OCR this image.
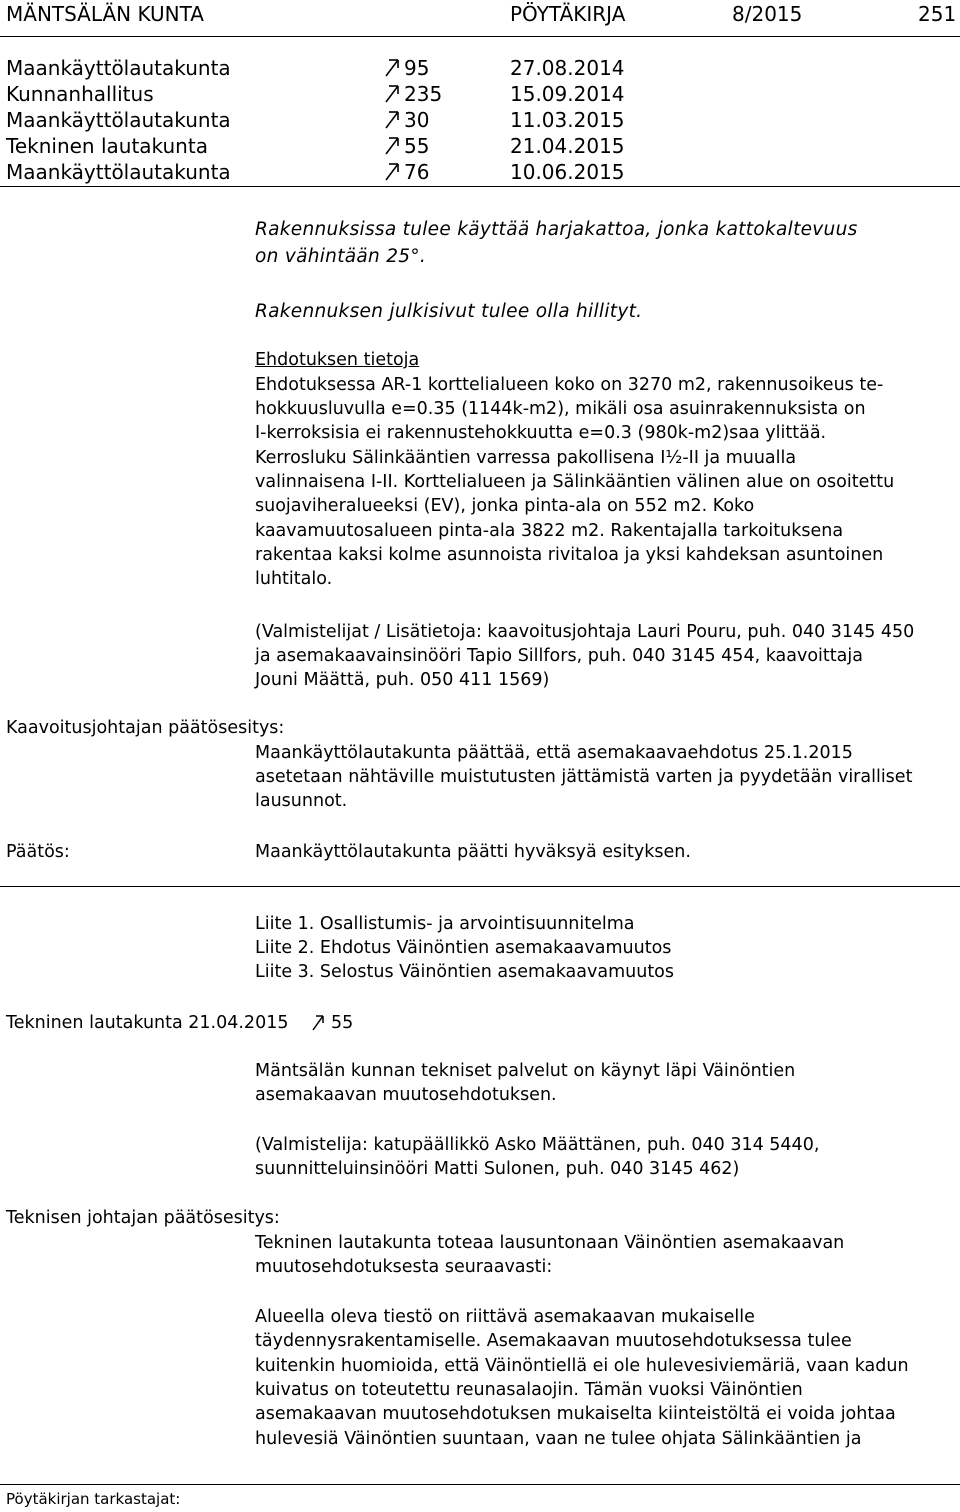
MÄNTSÄLÄN KUNTA	PÖYTÄKIRJA	8/2015	251
Maankäyttölautakunta	95	27.08.2014
Kunnanhallitus	235	15.09.2014
Maankäyttölautakunta	30	11.03.2015
Tekninen lautakunta	55	21.04.2015
Maankäyttölautakunta	76	10.06.2015
Rakennuksissa tulee käyttää harjakattoa, jonka kattokaltevuus
on vähintään 25°.
Rakennuksen julkisivut tulee olla hillityt.
Ehdotuksen tietoja
Ehdotuksessa AR-1 korttelialueen koko on 3270 m2, rakennusoikeus te-
hokkuusluvulla e=0.35 (1144k-m2), mikäli osa asuinrakennuksista on
I-kerroksisia ei rakennustehokkuutta e=0.3 (980k-m2)saa ylittää.
Kerrosluku Sälinkääntien varressa pakollisena I½-II ja muualla
valinnaisena I-II. Korttelialueen ja Sälinkääntien välinen alue on osoitettu
suojaviheralueeksi (EV), jonka pinta-ala on 552 m2. Koko
kaavamuutosalueen pinta-ala 3822 m2. Rakentajalla tarkoituksena
rakentaa kaksi kolme asunnoista rivitaloa ja yksi kahdeksan asuntoinen
luhtitalo.
(Valmistelijat / Lisätietoja: kaavoitusjohtaja Lauri Pouru, puh. 040 3145 450
ja asemakaavainsinööri Tapio Sillfors, puh. 040 3145 454, kaavoittaja
Jouni Määttä, puh. 050 411 1569)
Kaavoitusjohtajan päätösesitys:
Maankäyttölautakunta päättää, että asemakaavaehdotus 25.1.2015
asetetaan nähtäville muistutusten jättämistä varten ja pyydetään viralliset
lausunnot.
Päätös:	Maankäyttölautakunta päätti hyväksyä esityksen.
Liite 1. Osallistumis- ja arvointisuunnitelma
Liite 2. Ehdotus Väinöntien asemakaavamuutos
Liite 3. Selostus Väinöntien asemakaavamuutos
Tekninen lautakunta 21.04.2015 55
Mäntsälän kunnan tekniset palvelut on käynyt läpi Väinöntien
asemakaavan muutosehdotuksen.
(Valmistelija: katupäällikkö Asko Määttänen, puh. 040 314 5440,
suunnitteluinsinööri Matti Sulonen, puh. 040 3145 462)
Teknisen johtajan päätösesitys:
Tekninen lautakunta toteaa lausuntonaan Väinöntien asemakaavan
muutosehdotuksesta seuraavasti:
Alueella oleva tiestö on riittävä asemakaavan mukaiselle
täydennysrakentamiselle. Asemakaavan muutosehdotuksessa tulee
kuitenkin huomioida, että Väinöntiellä ei ole hulevesiviemäriä, vaan kadun
kuivatus on toteutettu reunasalaojin. Tämän vuoksi Väinöntien
asemakaavan muutosehdotuksen mukaiselta kiinteistöltä ei voida johtaa
hulevesiä Väinöntien suuntaan, vaan ne tulee ohjata Sälinkääntien ja
Pöytäkirjan tarkastajat:
